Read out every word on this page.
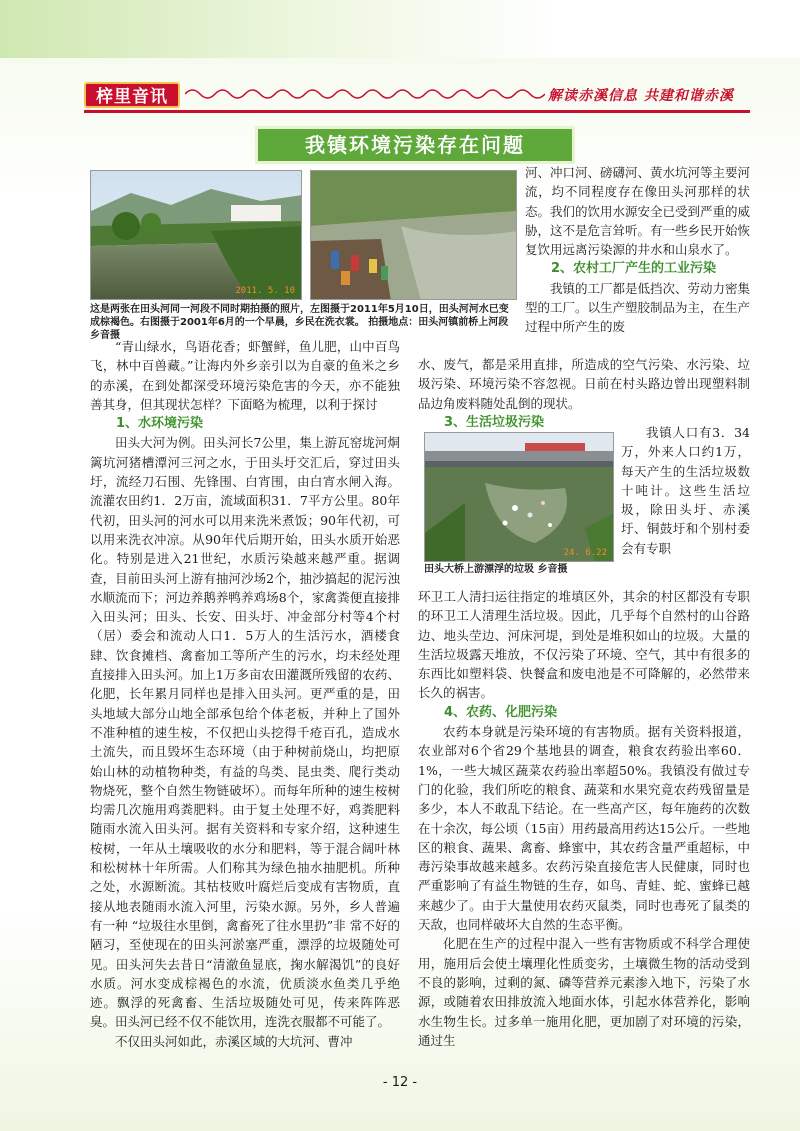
梓里音讯	解读赤溪信息 共建和谐赤溪
我镇环境污染存在问题
2011. 5. 10
这是两张在田头河同一河段不同时期拍摄的照片，左图摄于2011年5月10日，田头河河水已变成棕褐色。右图摄于2001年6月的一个早晨，乡民在洗衣裳。 拍摄地点：田头河镇前桥上河段 乡音摄

“青山绿水，鸟语花香；虾蟹鲜，鱼儿肥，山中百鸟飞，林中百兽藏。”让海内外乡亲引以为自豪的鱼米之乡的赤溪，在到处都深受环境污染危害的今天，亦不能独善其身，但其现状怎样？下面略为梳理，以利于探讨

1、水环境污染

田头大河为例。田头河长7公里，集上游瓦窑垅河烔篱坑河猪槽潭河三河之水，于田头圩交汇后，穿过田头圩，流经刀石围、先锋围、白宵围，由白宵水闸入海。流灌农田约1．2万亩，流域面积31．7平方公里。80年代初，田头河的河水可以用来洗米煮饭；90年代初，可以用来洗衣冲凉。从90年代后期开始，田头水质开始恶化。特别是进入21世纪，水质污染越来越严重。据调查，目前田头河上游有抽河沙场2个，抽沙搞起的泥污浊水顺流而下；河边养鹅养鸭养鸡场8个，家禽粪便直接排入田头河；田头、长安、田头圩、冲金部分村等4个村（居）委会和流动人口1．5万人的生活污水，酒楼食肆、饮食摊档、禽畜加工等所产生的污水，均未经处理直接排入田头河。加上1万多亩农田灌溉所残留的农药、化肥，长年累月同样也是排入田头河。更严重的是，田头地域大部分山地全部承包给个体老板，并种上了国外不准种植的速生桉，不仅把山头挖得千疮百孔，造成水土流失，而且毁坏生态环境（由于种树前烧山，均把原始山林的动植物种类，有益的鸟类、昆虫类、爬行类动物烧死，整个自然生物链破坏）。而每年所种的速生桉树均需几次施用鸡粪肥料。由于复土处理不好，鸡粪肥料随雨水流入田头河。据有关资料和专家介绍，这种速生桉树，一年从土壤吸收的水分和肥料，等于混合阔叶林和松树林十年所需。人们称其为绿色抽水抽肥机。所种之处，水源断流。其枯枝败叶腐烂后变成有害物质，直接从地表随雨水流入河里，污染水源。另外，乡人普遍有一种 “垃圾往水里倒，禽畜死了往水里扔”非 常不好的陋习，至使现在的田头河淤塞严重，漂浮的垃圾随处可见。田头河失去昔日“清澈鱼显底，掬水解渴饥”的良好水质。河水变成棕褐色的水流，优质淡水鱼类几乎绝迹。飘浮的死禽畜、生活垃圾随处可见，传来阵阵恶臭。田头河已经不仅不能饮用，连洗衣服都不可能了。

不仅田头河如此，赤溪区域的大坑河、曹冲

河、冲口河、磅礴河、黄水坑河等主要河流，均不同程度存在像田头河那样的状态。我们的饮用水源安全已受到严重的威胁，这不是危言耸听。有一些乡民开始恢复饮用远离污染源的井水和山泉水了。

2、农村工厂产生的工业污染

我镇的工厂都是低挡次、劳动力密集型的工厂。以生产塑胶制品为主，在生产过程中所产生的废

水、废气，都是采用直排，所造成的空气污染、水污染、垃圾污染、环境污染不容忽视。日前在村头路边曾出现塑料制品边角废料随处乱倒的现状。

3、生活垃圾污染
24. 6.22
田头大桥上游漂浮的垃圾 乡音摄

我镇人口有3．34万，外来人口约1万，每天产生的生活垃圾数十吨计。这些生活垃圾，除田头圩、赤溪圩、铜鼓圩和个别村委会有专职

环卫工人清扫运往指定的堆填区外，其余的村区都没有专职的环卫工人清理生活垃圾。因此，几乎每个自然村的山谷路边、地头茔边、河床河堤，到处是堆积如山的垃圾。大量的生活垃圾露天堆放，不仅污染了环境、空气，其中有很多的东西比如塑料袋、快餐盒和废电池是不可降解的，必然带来长久的祸害。

4、农药、化肥污染

农药本身就是污染环境的有害物质。据有关资料报道，农业部对6个省29个基地县的调查，粮食农药验出率60．1%，一些大城区蔬菜农药验出率超50%。我镇没有做过专门的化验，我们所吃的粮食、蔬菜和水果究竟农药残留量是多少，本人不敢乱下结论。在一些高产区，每年施药的次数在十余次，每公顷（15亩）用药最高用药达15公斤。一些地区的粮食、蔬果、禽畜、蜂蜜中，其农药含量严重超标，中毒污染事故越来越多。农药污染直接危害人民健康，同时也严重影响了有益生物链的生存，如鸟、青蛙、蛇、蜜蜂已越来越少了。由于大量使用农药灭鼠类，同时也毒死了鼠类的天敌，也同样破坏大自然的生态平衡。

化肥在生产的过程中混入一些有害物质或不科学合理使用，施用后会使土壤理化性质变劣，土壤微生物的活动受到不良的影响，过剩的氮、磷等营养元素渗入地下，污染了水源，或随着农田排放流入地面水体，引起水体营养化，影响水生物生长。过多单一施用化肥，更加剧了对环境的污染，通过生

- 12 -
